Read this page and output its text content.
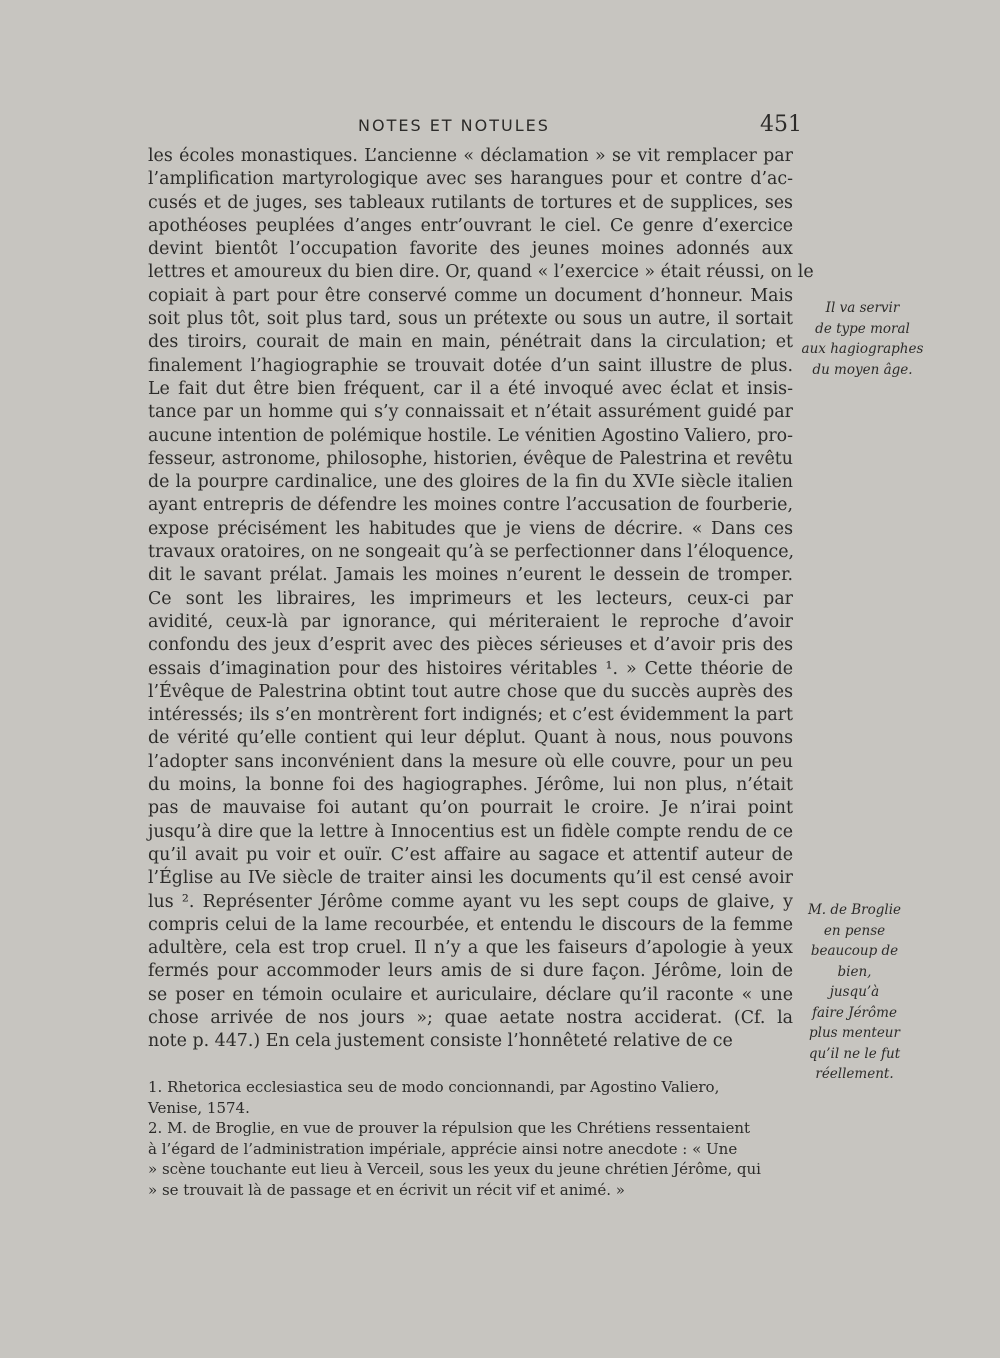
NOTES ET NOTULES	451
les écoles monastiques. L’ancienne « déclamation » se vit remplacer par
l’amplification martyrologique avec ses harangues pour et contre d’ac-
cusés et de juges, ses tableaux rutilants de tortures et de supplices, ses
apothéoses peuplées d’anges entr’ouvrant le ciel. Ce genre d’exercice
devint bientôt l’occupation favorite des jeunes moines adonnés aux
lettres et amoureux du bien dire. Or, quand « l’exercice » était réussi, on le
copiait à part pour être conservé comme un document d’honneur. Mais
soit plus tôt, soit plus tard, sous un prétexte ou sous un autre, il sortait
des tiroirs, courait de main en main, pénétrait dans la circulation; et
finalement l’hagiographie se trouvait dotée d’un saint illustre de plus.
Le fait dut être bien fréquent, car il a été invoqué avec éclat et insis-
tance par un homme qui s’y connaissait et n’était assurément guidé par
aucune intention de polémique hostile. Le vénitien Agostino Valiero, pro-
fesseur, astronome, philosophe, historien, évêque de Palestrina et revêtu
de la pourpre cardinalice, une des gloires de la fin du XVIe siècle italien
ayant entrepris de défendre les moines contre l’accusation de fourberie,
expose précisément les habitudes que je viens de décrire. « Dans ces
travaux oratoires, on ne songeait qu’à se perfectionner dans l’éloquence,
dit le savant prélat. Jamais les moines n’eurent le dessein de tromper.
Ce sont les libraires, les imprimeurs et les lecteurs, ceux-ci par
avidité, ceux-là par ignorance, qui mériteraient le reproche d’avoir
confondu des jeux d’esprit avec des pièces sérieuses et d’avoir pris des
essais d’imagination pour des histoires véritables ¹. » Cette théorie de
l’Évêque de Palestrina obtint tout autre chose que du succès auprès des
intéressés; ils s’en montrèrent fort indignés; et c’est évidemment la part
de vérité qu’elle contient qui leur déplut. Quant à nous, nous pouvons
l’adopter sans inconvénient dans la mesure où elle couvre, pour un peu
du moins, la bonne foi des hagiographes. Jérôme, lui non plus, n’était
pas de mauvaise foi autant qu’on pourrait le croire. Je n’irai point
jusqu’à dire que la lettre à Innocentius est un fidèle compte rendu de ce
qu’il avait pu voir et ouïr. C’est affaire au sagace et attentif auteur de
l’Église au IVe siècle de traiter ainsi les documents qu’il est censé avoir
lus ². Représenter Jérôme comme ayant vu les sept coups de glaive, y
compris celui de la lame recourbée, et entendu le discours de la femme
adultère, cela est trop cruel. Il n’y a que les faiseurs d’apologie à yeux
fermés pour accommoder leurs amis de si dure façon. Jérôme, loin de
se poser en témoin oculaire et auriculaire, déclare qu’il raconte « une
chose arrivée de nos jours »; quae aetate nostra acciderat. (Cf. la
note p. 447.) En cela justement consiste l’honnêteté relative de ce
Il va servir
de type moral
aux hagiographes
du moyen âge.
M. de Broglie
en pense
beaucoup de bien,
jusqu’à
faire Jérôme
plus menteur
qu’il ne le fut
réellement.
1. Rhetorica ecclesiastica seu de modo concionnandi, par Agostino Valiero,
Venise, 1574.
2. M. de Broglie, en vue de prouver la répulsion que les Chrétiens ressentaient
à l’égard de l’administration impériale, apprécie ainsi notre anecdote : « Une
» scène touchante eut lieu à Verceil, sous les yeux du jeune chrétien Jérôme, qui
» se trouvait là de passage et en écrivit un récit vif et animé. »
